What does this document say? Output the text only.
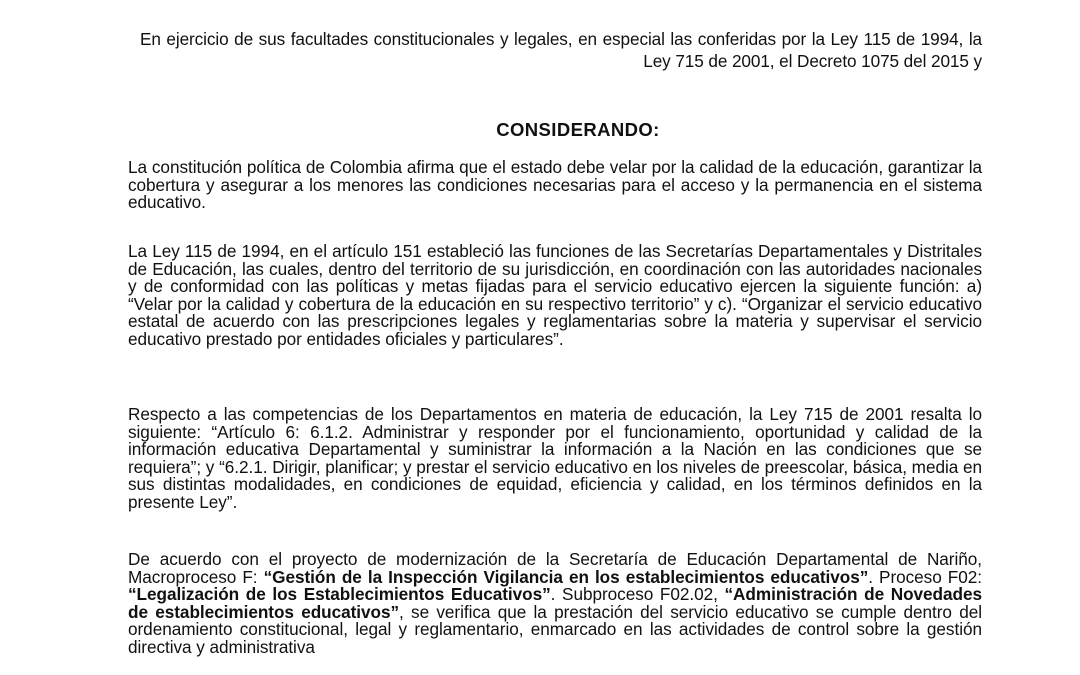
En ejercicio de sus facultades constitucionales y legales, en especial las conferidas por la Ley 115 de 1994, la Ley 715 de 2001, el Decreto 1075 del 2015 y
CONSIDERANDO:

La constitución política de Colombia afirma que el estado debe velar por la calidad de la educación, garantizar la cobertura y asegurar a los menores las condiciones necesarias para el acceso y la permanencia en el sistema educativo.

La Ley 115 de 1994, en el artículo 151 estableció las funciones de las Secretarías Departamentales y Distritales de Educación, las cuales, dentro del territorio de su jurisdicción, en coordinación con las autoridades nacionales y de conformidad con las políticas y metas fijadas para el servicio educativo ejercen la siguiente función: a) “Velar por la calidad y cobertura de la educación en su respectivo territorio” y c). “Organizar el servicio educativo estatal de acuerdo con las prescripciones legales y reglamentarias sobre la materia y supervisar el servicio educativo prestado por entidades oficiales y particulares”.

Respecto a las competencias de los Departamentos en materia de educación, la Ley 715 de 2001 resalta lo siguiente: “Artículo 6: 6.1.2. Administrar y responder por el funcionamiento, oportunidad y calidad de la información educativa Departamental y suministrar la información a la Nación en las condiciones que se requiera”; y “6.2.1. Dirigir, planificar; y prestar el servicio educativo en los niveles de preescolar, básica, media en sus distintas modalidades, en condiciones de equidad, eficiencia y calidad, en los términos definidos en la presente Ley”.

De acuerdo con el proyecto de modernización de la Secretaría de Educación Departamental de Nariño, Macroproceso F: “Gestión de la Inspección Vigilancia en los establecimientos educativos”. Proceso F02: “Legalización de los Establecimientos Educativos”. Subproceso F02.02, “Administración de Novedades de establecimientos educativos”, se verifica que la prestación del servicio educativo se cumple dentro del ordenamiento constitucional, legal y reglamentario, enmarcado en las actividades de control sobre la gestión directiva y administrativa
